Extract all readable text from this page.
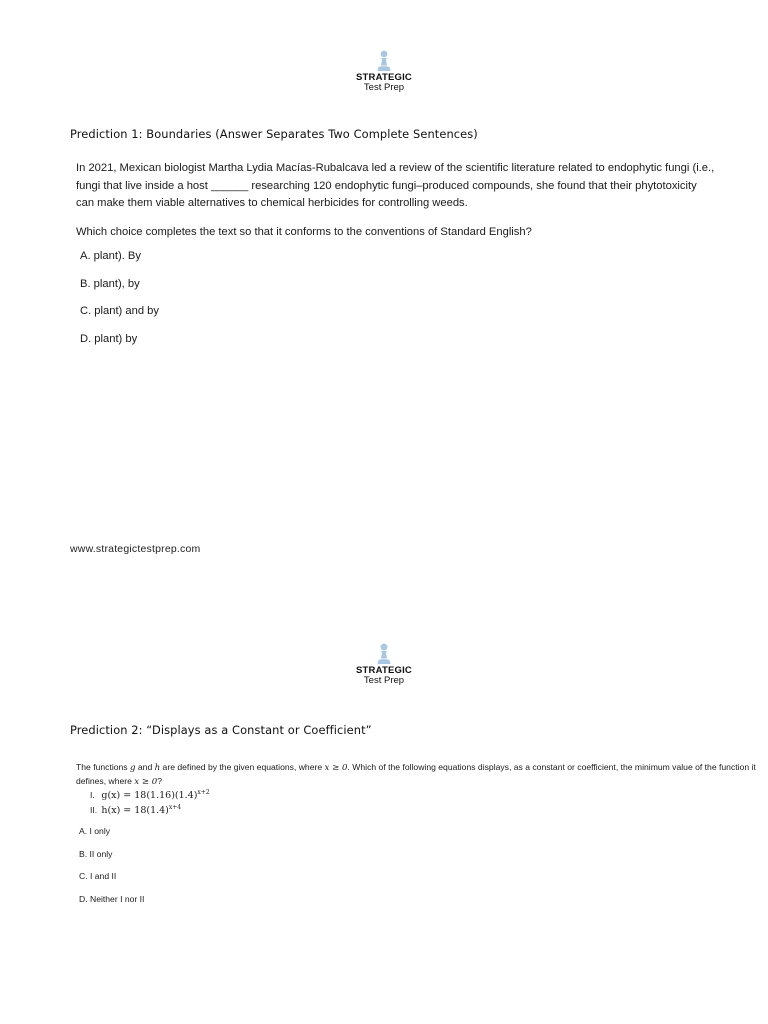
STRATEGIC
Test Prep
Prediction 1: Boundaries (Answer Separates Two Complete Sentences)

In 2021, Mexican biologist Martha Lydia Macías-Rubalcava led a review of the scientific literature related to endophytic fungi (i.e., fungi that live inside a host ______ researching 120 endophytic fungi–produced compounds, she found that their phytotoxicity can make them viable alternatives to chemical herbicides for controlling weeds.

Which choice completes the text so that it conforms to the conventions of Standard English?

A. plant). By
B. plant), by
C. plant) and by
D. plant) by
www.strategictestprep.com
STRATEGIC
Test Prep
Prediction 2: “Displays as a Constant or Coefficient”

The functions g and h are defined by the given equations, where x ≥ 0. Which of the following equations displays, as a constant or coefficient, the minimum value of the function it defines, where x ≥ 0?

I. $g(x) = 18(1.16)(1.4)^{x+2}$
II. $h(x) = 18(1.4)^{x+4}$
A. I only
B. II only
C. I and II
D. Neither I nor II
